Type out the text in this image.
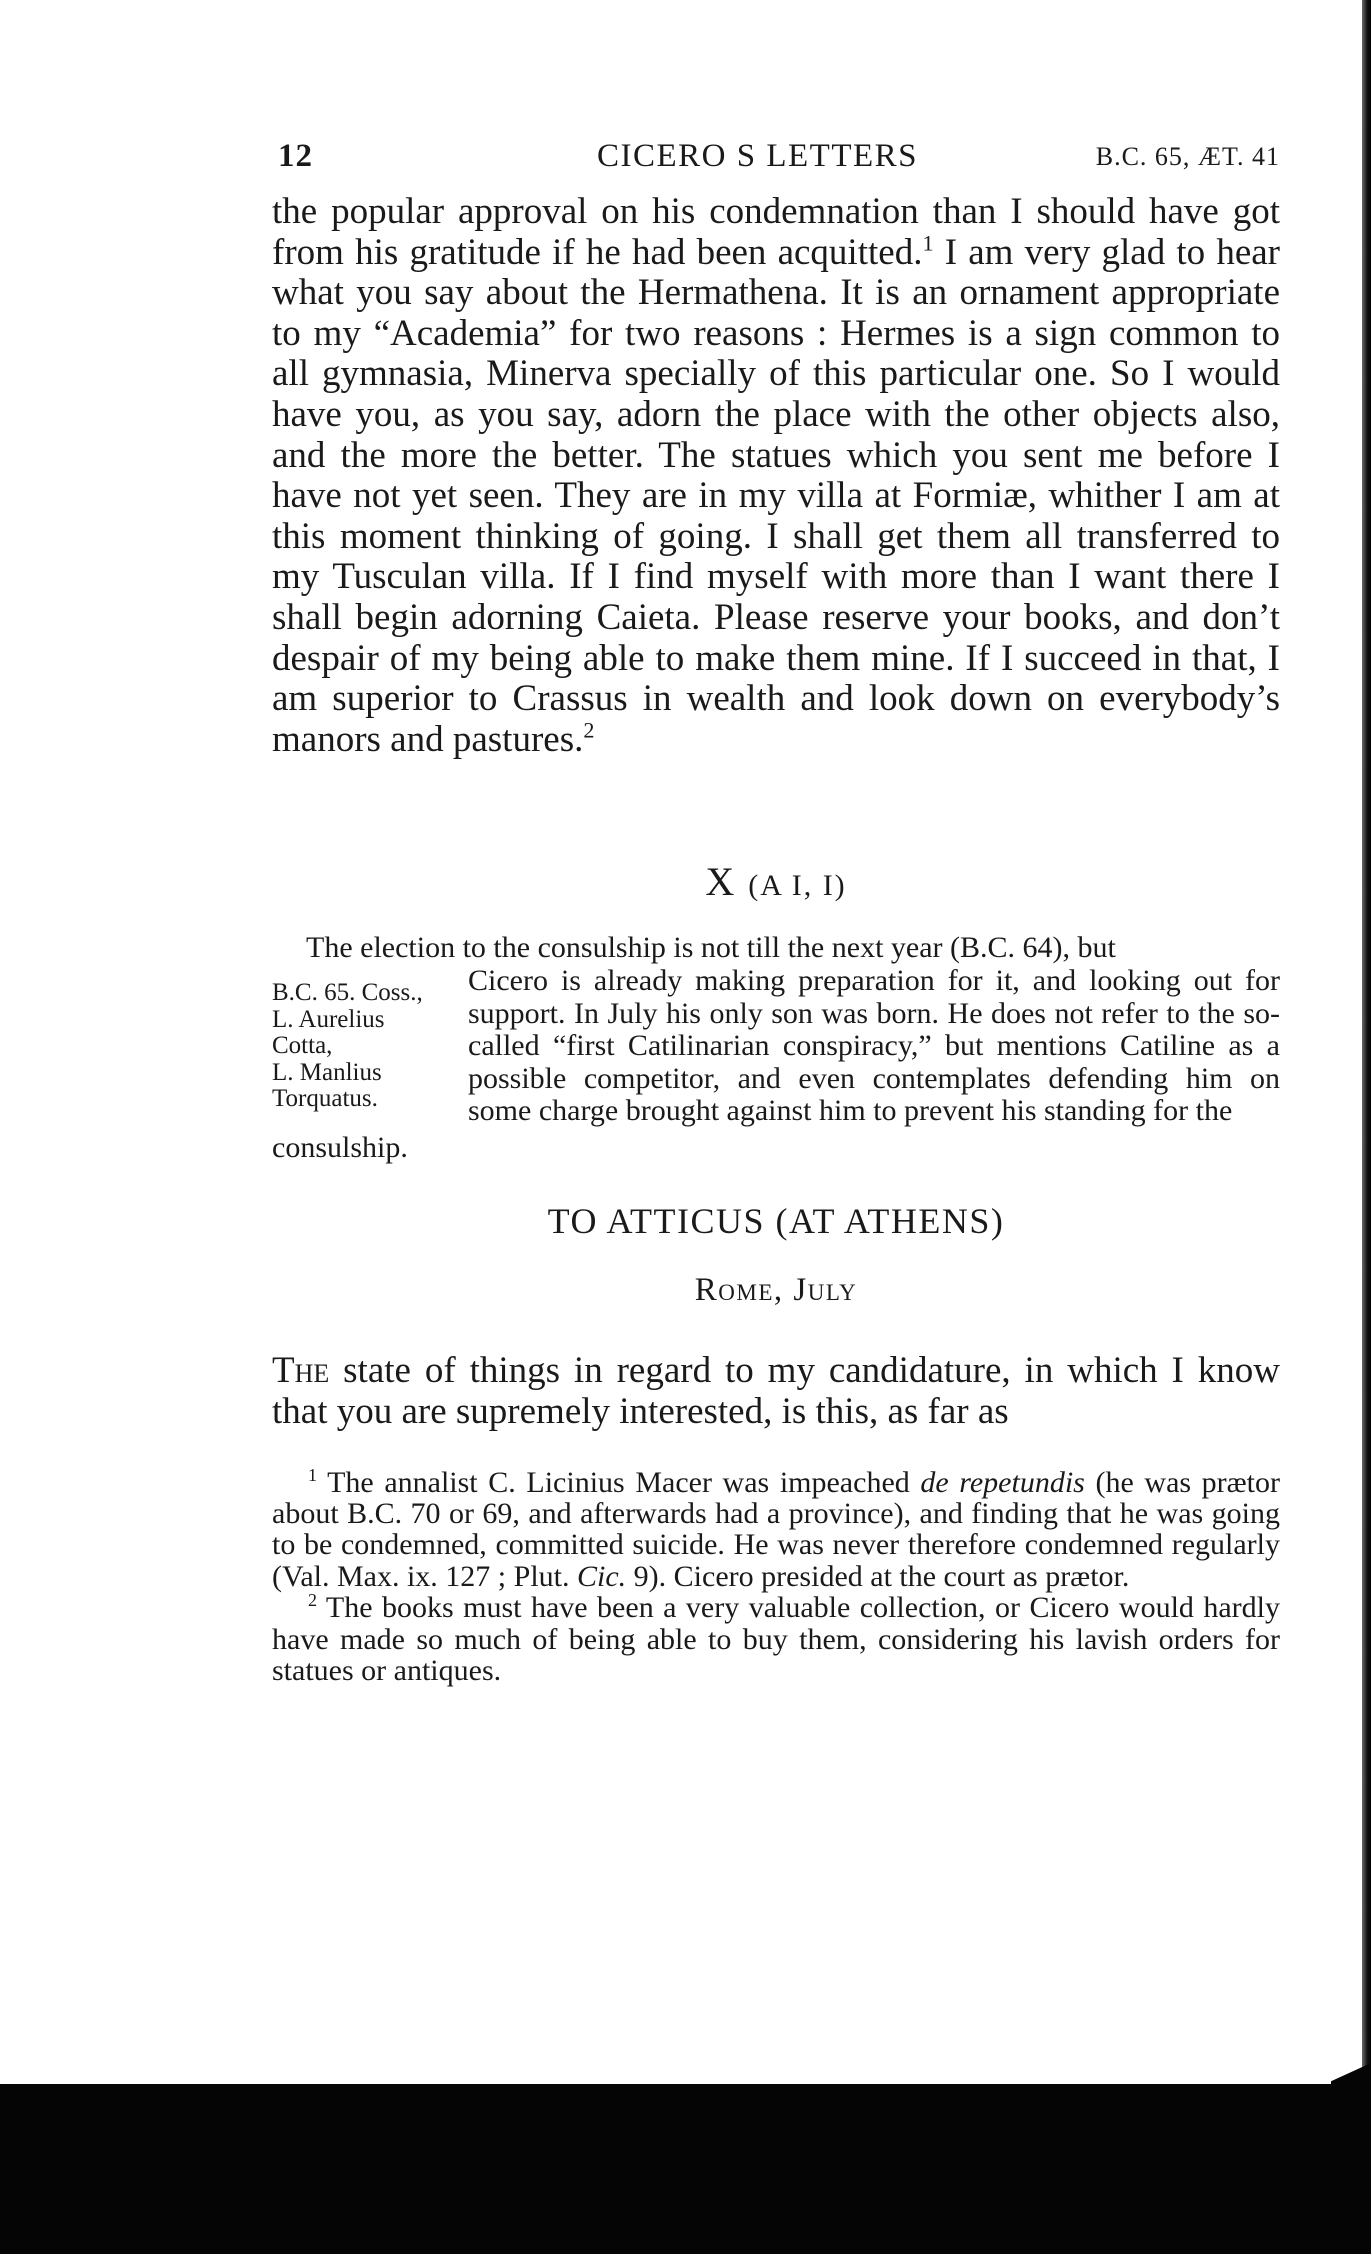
12	CICERO S LETTERS	B.C. 65, ÆT. 41

the popular approval on his condemnation than I should have got from his gratitude if he had been acquitted.$^1$ I am very glad to hear what you say about the Hermathena. It is an ornament appropriate to my “Academia” for two reasons : Hermes is a sign common to all gymnasia, Minerva specially of this particular one. So I would have you, as you say, adorn the place with the other objects also, and the more the better. The statues which you sent me before I have not yet seen. They are in my villa at Formiæ, whither I am at this moment thinking of going. I shall get them all transferred to my Tusculan villa. If I find myself with more than I want there I shall begin adorning Caieta. Please reserve your books, and don’t despair of my being able to make them mine. If I succeed in that, I am superior to Crassus in wealth and look down on everybody’s manors and pastures.$^2$

X (A I, I)

The election to the consulship is not till the next year (B.C. 64), but

B.C. 65. Coss.,
L. Aurelius
Cotta,
L. Manlius
Torquatus.

Cicero is already making preparation for it, and looking out for support. In July his only son was born. He does not refer to the so-called “first Catilinarian conspiracy,” but mentions Catiline as a possible competitor, and even contemplates defending him on some charge brought against him to prevent his standing for the

consulship.

TO ATTICUS (AT ATHENS)
Rome, July

The state of things in regard to my candidature, in which I know that you are supremely interested, is this, as far as

$^1$ The annalist C. Licinius Macer was impeached de repetundis (he was prætor about B.C. 70 or 69, and afterwards had a province), and finding that he was going to be condemned, committed suicide. He was never therefore condemned regularly (Val. Max. ix. 127 ; Plut. Cic. 9). Cicero presided at the court as prætor.

$^2$ The books must have been a very valuable collection, or Cicero would hardly have made so much of being able to buy them, considering his lavish orders for statues or antiques.
